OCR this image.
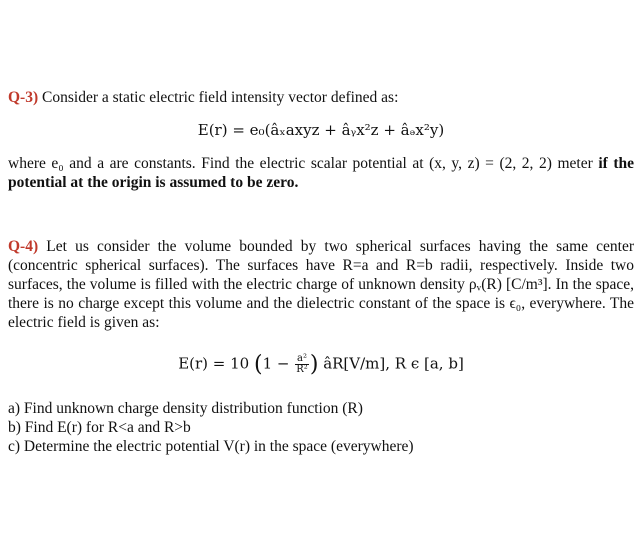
Q-3) Consider a static electric field intensity vector defined as:

E(r) = e₀(âₓaxyz + âᵧx²z + âₔx²y)

where e₀ and a are constants. Find the electric scalar potential at (x, y, z) = (2, 2, 2) meter if the potential at the origin is assumed to be zero.

Q-4) Let us consider the volume bounded by two spherical surfaces having the same center (concentric spherical surfaces). The surfaces have R=a and R=b radii, respectively. Inside two surfaces, the volume is filled with the electric charge of unknown density ρᵥ(R) [C/m³]. In the space, there is no charge except this volume and the dielectric constant of the space is ϵ₀, everywhere. The electric field is given as:

E(r) = 10 ($1 - \frac{\text{a²}}{\text{R²}}$ ) âR[V/m], R ϵ [a, b]
a) Find unknown charge density distribution function (R)
b) Find E(r) for R<a and R>b
c) Determine the electric potential V(r) in the space (everywhere)
